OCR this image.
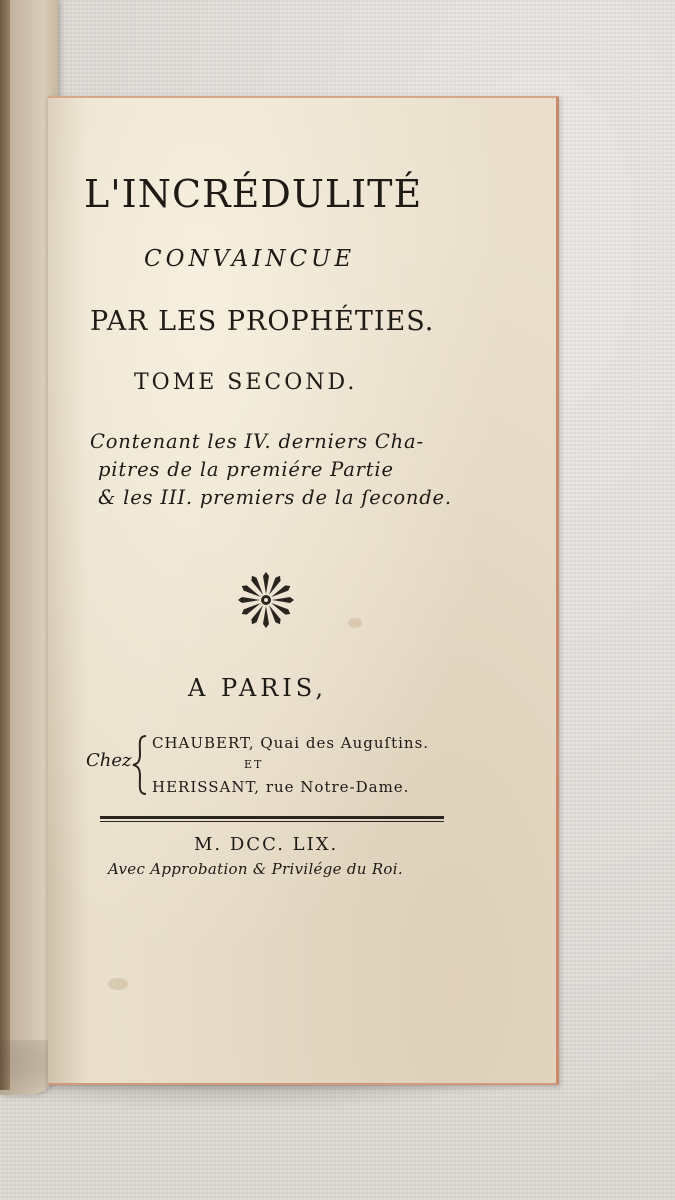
L'INCRÉDULITÉ
CONVAINCUE
PAR LES PROPHÉTIES.
TOME SECOND.
Contenant les IV. derniers Cha-
pitres de la premiére Partie
& les III. premiers de la ſeconde.
A PARIS,
Chez
CHAUBERT, Quai des Auguſtins.
ET
HERISSANT, rue Notre-Dame.
M. DCC. LIX.
Avec Approbation & Privilége du Roi.
